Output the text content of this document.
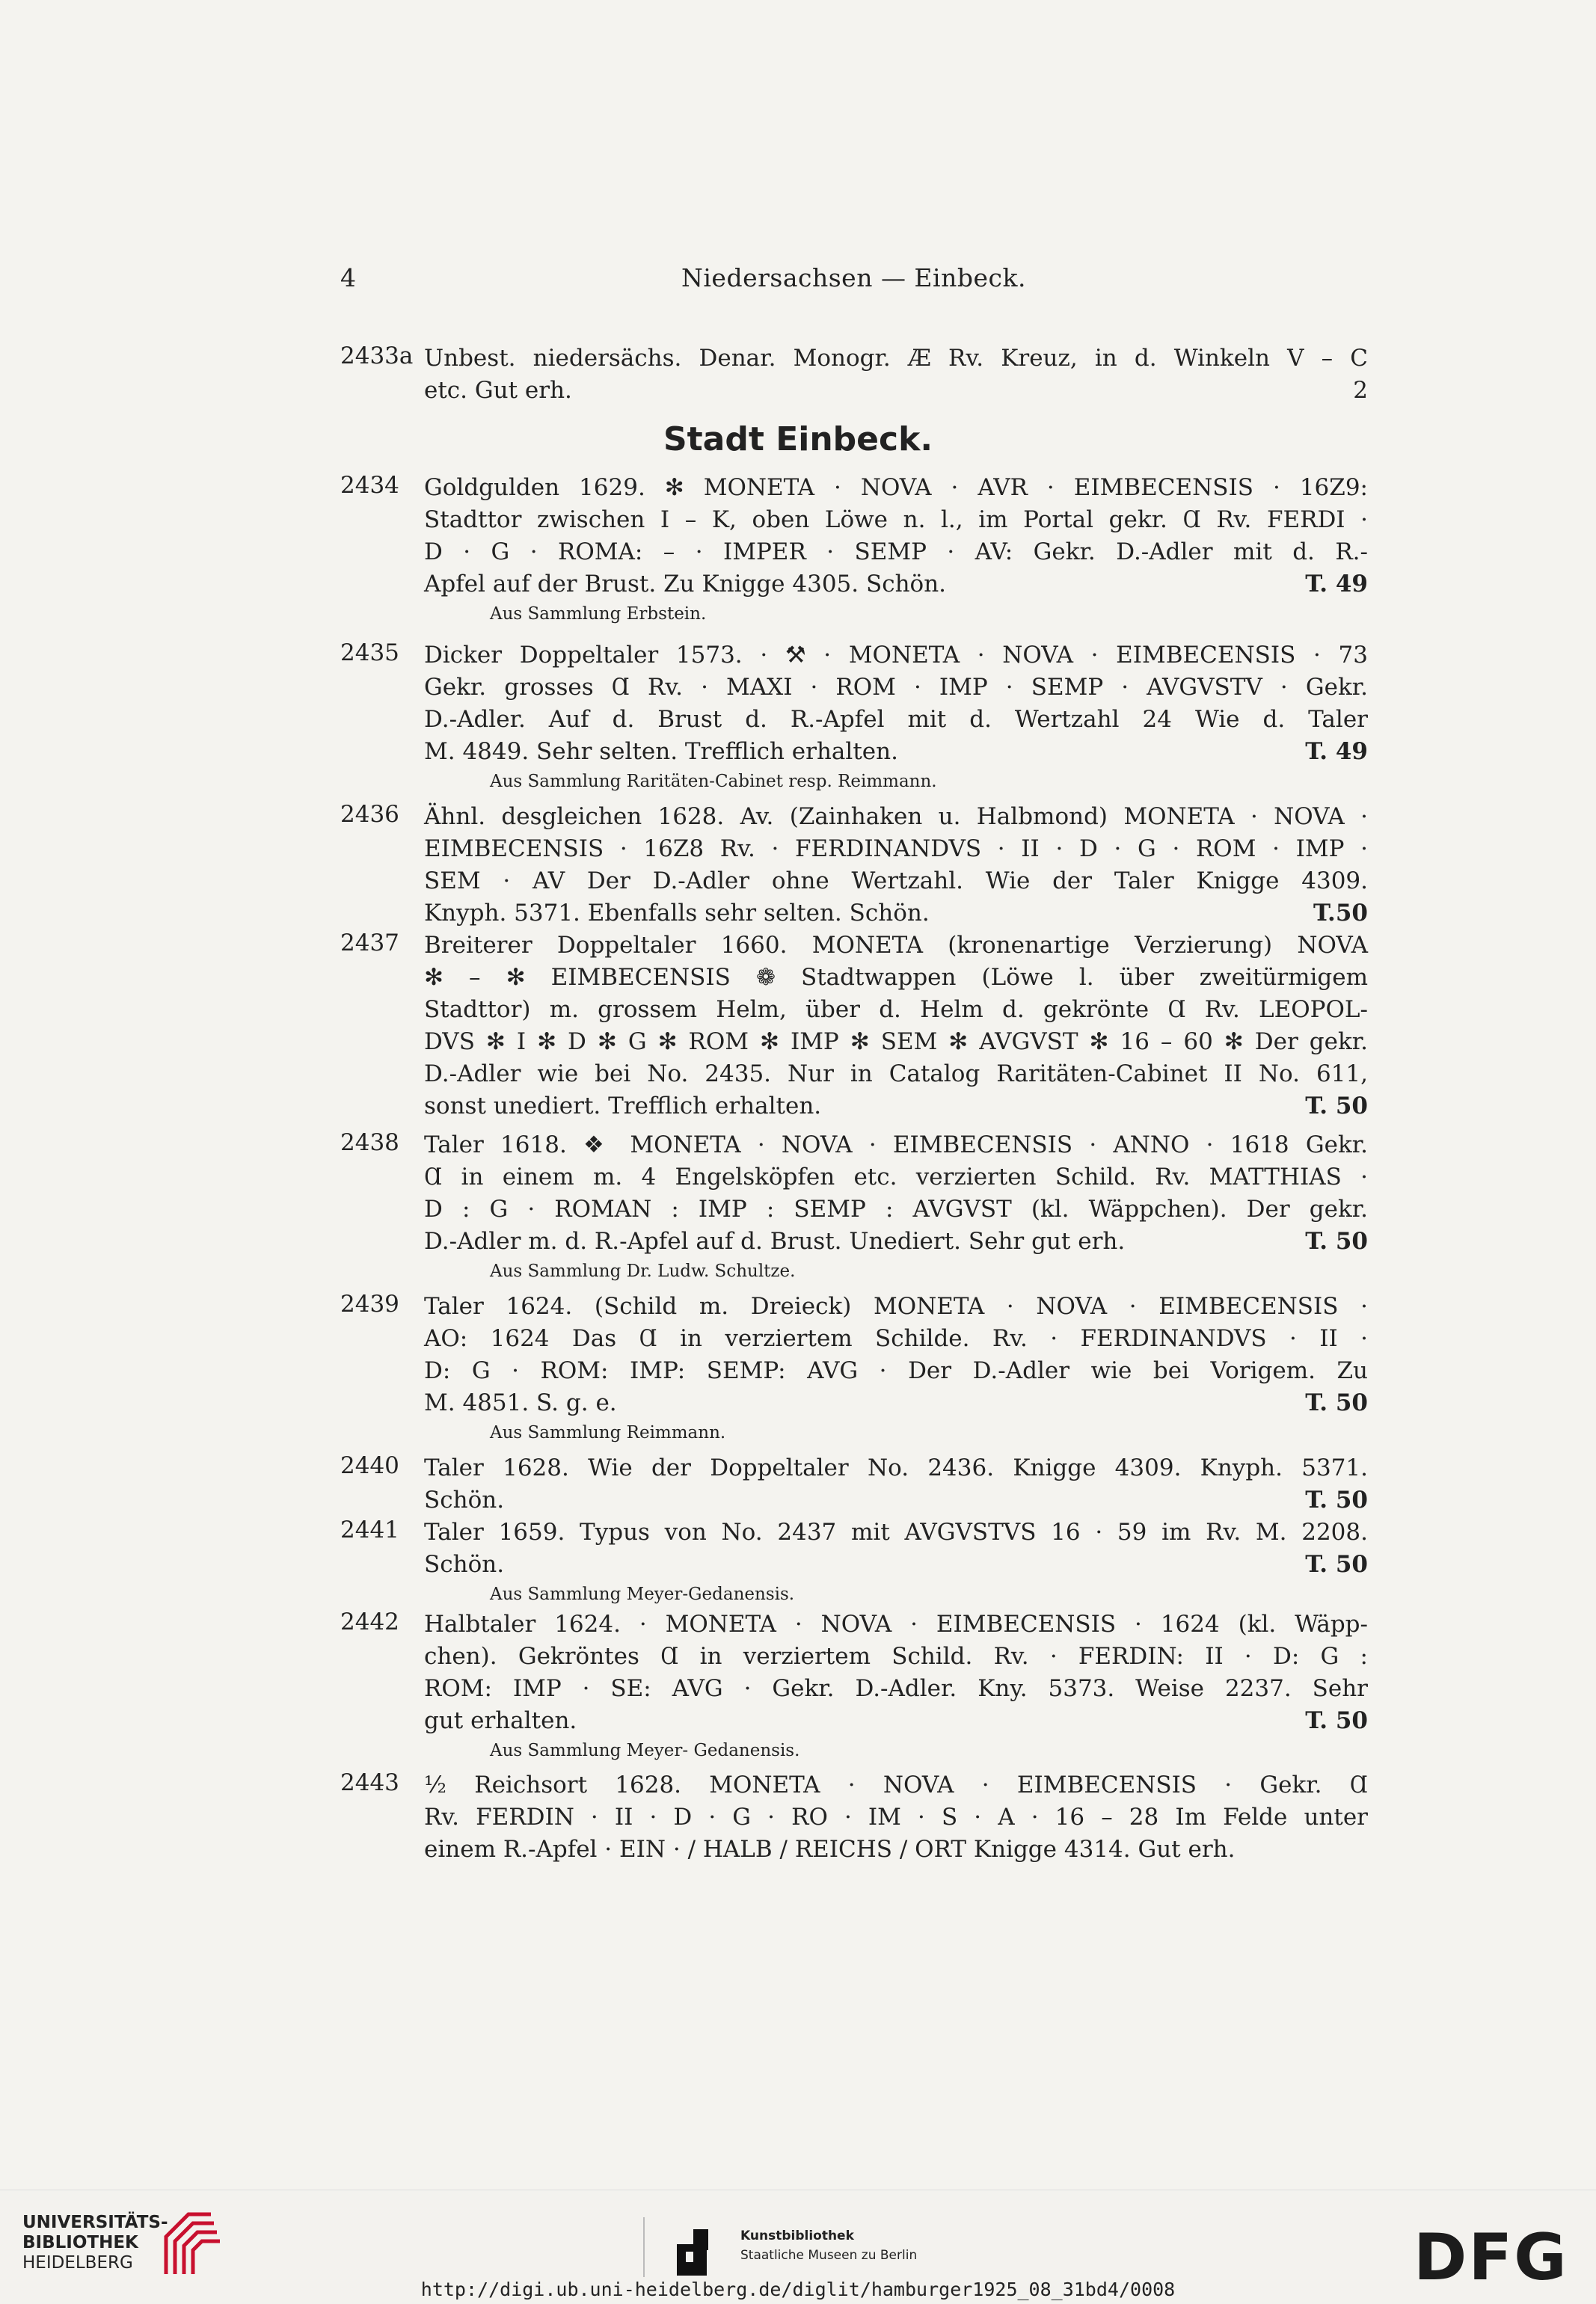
4	Niedersachsen — Einbeck.
Stadt Einbeck.
2433a Unbest. niedersächs. Denar. Monogr. Æ Rv. Kreuz, in d. Winkeln V – C
etc. Gut erh.	2
2434 Goldgulden 1629. ✻ MONETA · NOVA · AVR · EIMBECENSIS · 16Z9:
Stadttor zwischen I – K, oben Löwe n. l., im Portal gekr. Ɑ Rv. FERDI ·
D · G · ROMA: – · IMPER · SEMP · AV: Gekr. D.-Adler mit d. R.-
Apfel auf der Brust. Zu Knigge 4305. Schön.	T. 49
Aus Sammlung Erbstein.
2435 Dicker Doppeltaler 1573. · ⚒ · MONETA · NOVA · EIMBECENSIS · 73
Gekr. grosses Ɑ Rv. · MAXI · ROM · IMP · SEMP · AVGVSTV · Gekr.
D.-Adler. Auf d. Brust d. R.-Apfel mit d. Wertzahl 24 Wie d. Taler
M. 4849. Sehr selten. Trefflich erhalten.	T. 49
Aus Sammlung Raritäten-Cabinet resp. Reimmann.
2436 Ähnl. desgleichen 1628. Av. (Zainhaken u. Halbmond) MONETA · NOVA ·
EIMBECENSIS · 16Z8 Rv. · FERDINANDVS · II · D · G · ROM · IMP ·
SEM · AV Der D.-Adler ohne Wertzahl. Wie der Taler Knigge 4309.
Knyph. 5371. Ebenfalls sehr selten. Schön.	T.50
2437 Breiterer Doppeltaler 1660. MONETA (kronenartige Verzierung) NOVA
✻ – ✻ EIMBECENSIS ❁ Stadtwappen (Löwe l. über zweitürmigem
Stadttor) m. grossem Helm, über d. Helm d. gekrönte Ɑ Rv. LEOPOL-
DVS ✻ I ✻ D ✻ G ✻ ROM ✻ IMP ✻ SEM ✻ AVGVST ✻ 16 – 60 ✻ Der gekr.
D.-Adler wie bei No. 2435. Nur in Catalog Raritäten-Cabinet II No. 611,
sonst unediert. Trefflich erhalten.	T. 50
2438 Taler 1618. ❖ MONETA · NOVA · EIMBECENSIS · ANNO · 1618 Gekr.
Ɑ in einem m. 4 Engelsköpfen etc. verzierten Schild. Rv. MATTHIAS ·
D : G · ROMAN : IMP : SEMP : AVGVST (kl. Wäppchen). Der gekr.
D.-Adler m. d. R.-Apfel auf d. Brust. Unediert. Sehr gut erh.	T. 50
Aus Sammlung Dr. Ludw. Schultze.
2439 Taler 1624. (Schild m. Dreieck) MONETA · NOVA · EIMBECENSIS ·
AO: 1624 Das Ɑ in verziertem Schilde. Rv. · FERDINANDVS · II ·
D: G · ROM: IMP: SEMP: AVG · Der D.-Adler wie bei Vorigem. Zu
M. 4851. S. g. e.	T. 50
Aus Sammlung Reimmann.
2440 Taler 1628. Wie der Doppeltaler No. 2436. Knigge 4309. Knyph. 5371.
Schön.	T. 50
2441 Taler 1659. Typus von No. 2437 mit AVGVSTVS 16 · 59 im Rv. M. 2208.
Schön.	T. 50
Aus Sammlung Meyer-Gedanensis.
2442 Halbtaler 1624. · MONETA · NOVA · EIMBECENSIS · 1624 (kl. Wäpp-
chen). Gekröntes Ɑ in verziertem Schild. Rv. · FERDIN: II · D: G :
ROM: IMP · SE: AVG · Gekr. D.-Adler. Kny. 5373. Weise 2237. Sehr
gut erhalten.	T. 50
Aus Sammlung Meyer- Gedanensis.
2443 ½ Reichsort 1628. MONETA · NOVA · EIMBECENSIS · Gekr. Ɑ
Rv. FERDIN · II · D · G · RO · IM · S · A · 16 – 28 Im Felde unter
einem R.-Apfel · EIN · / HALB / REICHS / ORT Knigge 4314. Gut erh.
UNIVERSITÄTS-
BIBLIOTHEK
HEIDELBERG
Kunstbibliothek
Staatliche Museen zu Berlin	DFG
http://digi.ub.uni-heidelberg.de/diglit/hamburger1925_08_31bd4/0008
